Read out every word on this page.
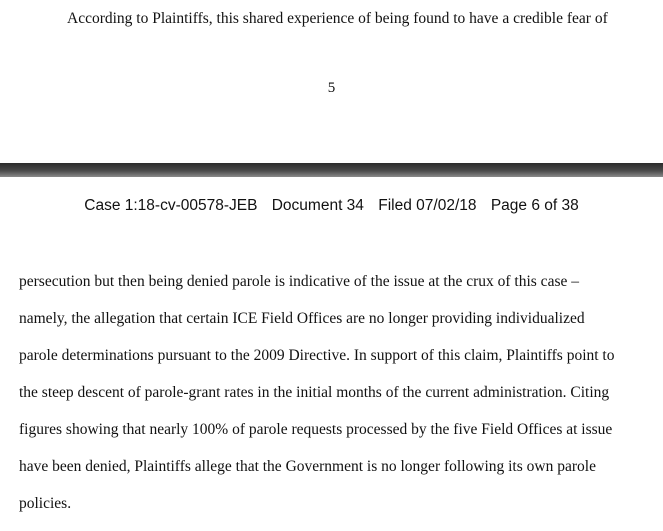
According to Plaintiffs, this shared experience of being found to have a credible fear of
5
Case 1:18-cv-00578-JEB Document 34 Filed 07/02/18 Page 6 of 38
persecution but then being denied parole is indicative of the issue at the crux of this case –
namely, the allegation that certain ICE Field Offices are no longer providing individualized
parole determinations pursuant to the 2009 Directive. In support of this claim, Plaintiffs point to
the steep descent of parole-grant rates in the initial months of the current administration. Citing
figures showing that nearly 100% of parole requests processed by the five Field Offices at issue
have been denied, Plaintiffs allege that the Government is no longer following its own parole
policies.
